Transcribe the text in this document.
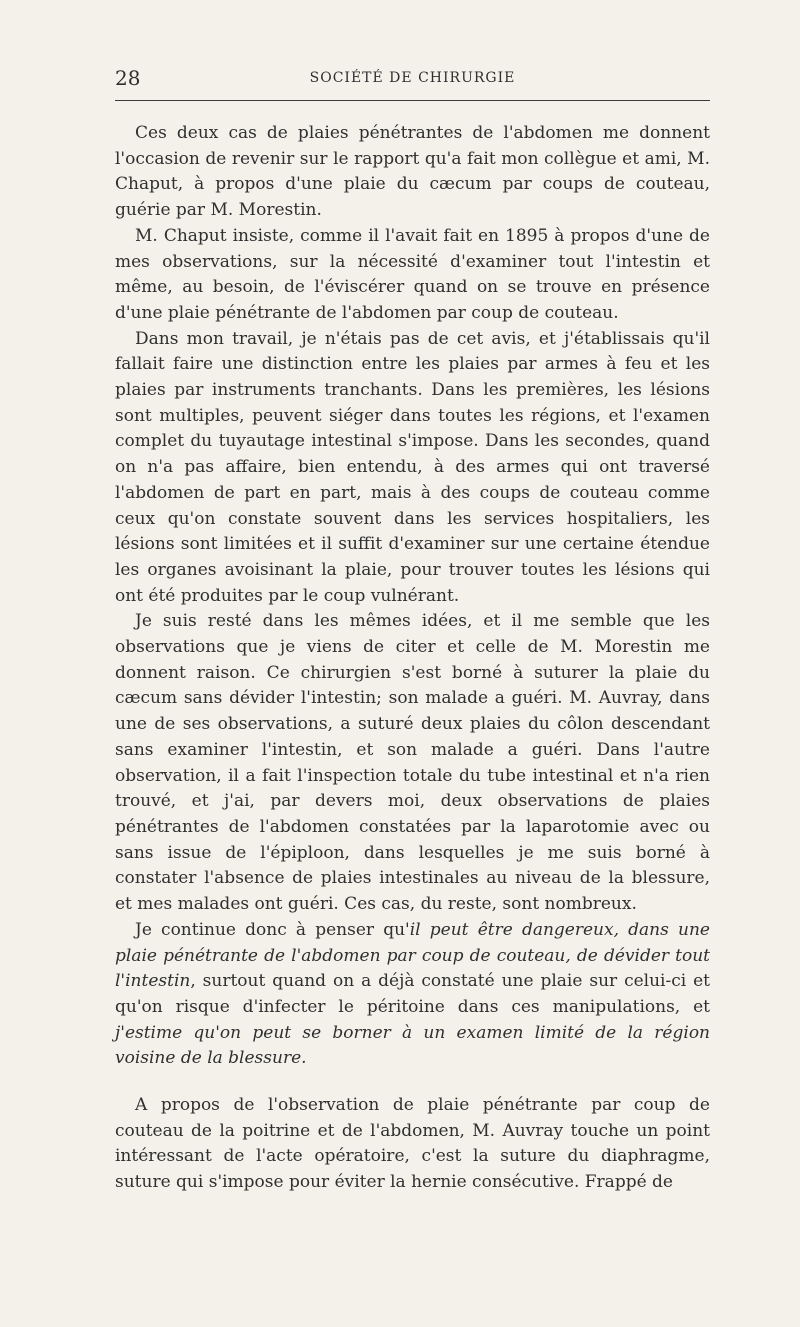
28	SOCIÉTÉ DE CHIRURGIE

Ces deux cas de plaies pénétrantes de l'abdomen me donnent l'occasion de revenir sur le rapport qu'a fait mon collègue et ami, M. Chaput, à propos d'une plaie du cæcum par coups de couteau, guérie par M. Morestin.

M. Chaput insiste, comme il l'avait fait en 1895 à propos d'une de mes observations, sur la nécessité d'examiner tout l'intestin et même, au besoin, de l'éviscérer quand on se trouve en présence d'une plaie pénétrante de l'abdomen par coup de couteau.

Dans mon travail, je n'étais pas de cet avis, et j'établissais qu'il fallait faire une distinction entre les plaies par armes à feu et les plaies par instruments tranchants. Dans les premières, les lésions sont multiples, peuvent siéger dans toutes les régions, et l'examen complet du tuyautage intestinal s'impose. Dans les secondes, quand on n'a pas affaire, bien entendu, à des armes qui ont traversé l'abdomen de part en part, mais à des coups de couteau comme ceux qu'on constate souvent dans les services hospitaliers, les lésions sont limitées et il suffit d'examiner sur une certaine étendue les organes avoisinant la plaie, pour trouver toutes les lésions qui ont été produites par le coup vulnérant.

Je suis resté dans les mêmes idées, et il me semble que les observations que je viens de citer et celle de M. Morestin me donnent raison. Ce chirurgien s'est borné à suturer la plaie du cæcum sans dévider l'intestin; son malade a guéri. M. Auvray, dans une de ses observations, a suturé deux plaies du côlon descendant sans examiner l'intestin, et son malade a guéri. Dans l'autre observation, il a fait l'inspection totale du tube intestinal et n'a rien trouvé, et j'ai, par devers moi, deux observations de plaies pénétrantes de l'abdomen constatées par la laparotomie avec ou sans issue de l'épiploon, dans lesquelles je me suis borné à constater l'absence de plaies intestinales au niveau de la blessure, et mes malades ont guéri. Ces cas, du reste, sont nombreux.

Je continue donc à penser qu'il peut être dangereux, dans une plaie pénétrante de l'abdomen par coup de couteau, de dévider tout l'intestin, surtout quand on a déjà constaté une plaie sur celui-ci et qu'on risque d'infecter le péritoine dans ces manipulations, et j'estime qu'on peut se borner à un examen limité de la région voisine de la blessure.

A propos de l'observation de plaie pénétrante par coup de couteau de la poitrine et de l'abdomen, M. Auvray touche un point intéressant de l'acte opératoire, c'est la suture du diaphragme, suture qui s'impose pour éviter la hernie consécutive. Frappé de
